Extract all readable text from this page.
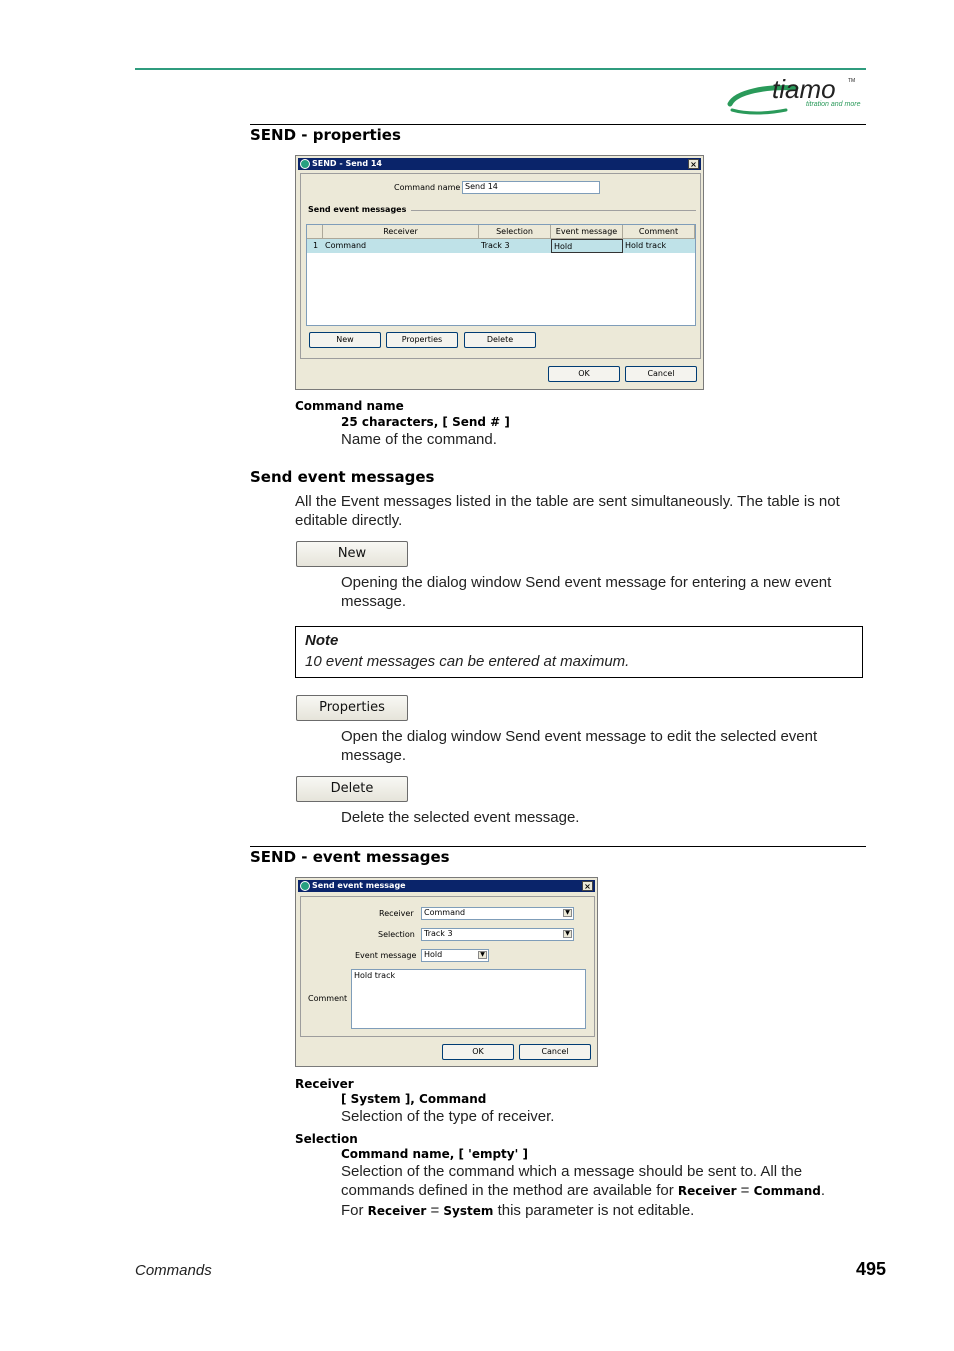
tiamo TM
titration and more
SEND - properties
SEND - Send 14	×
Command name Send 14
Send event messages
Receiver	Selection	Event message	Comment
1 Command	Track 3	Hold	Hold track
New	Properties	Delete
OK	Cancel
Command name
25 characters, [ Send # ]
Name of the command.
Send event messages
All the Event messages listed in the table are sent simultaneously. The table is not editable directly.
New
Opening the dialog window Send event message for entering a new event message.
Note
10 event messages can be entered at maximum.
Properties
Open the dialog window Send event message to edit the selected event message.
Delete
Delete the selected event message.
SEND - event messages
Send event message	×
Receiver	Command	▼
Selection	Track 3	▼
Event message Hold	▼
Comment
Hold track
OK	Cancel
Receiver
[ System ], Command
Selection of the type of receiver.
Selection
Command name, [ 'empty' ]
Selection of the command which a message should be sent to. All the commands defined in the method are available for Receiver = Command.
For Receiver = System this parameter is not editable.
Commands	495
